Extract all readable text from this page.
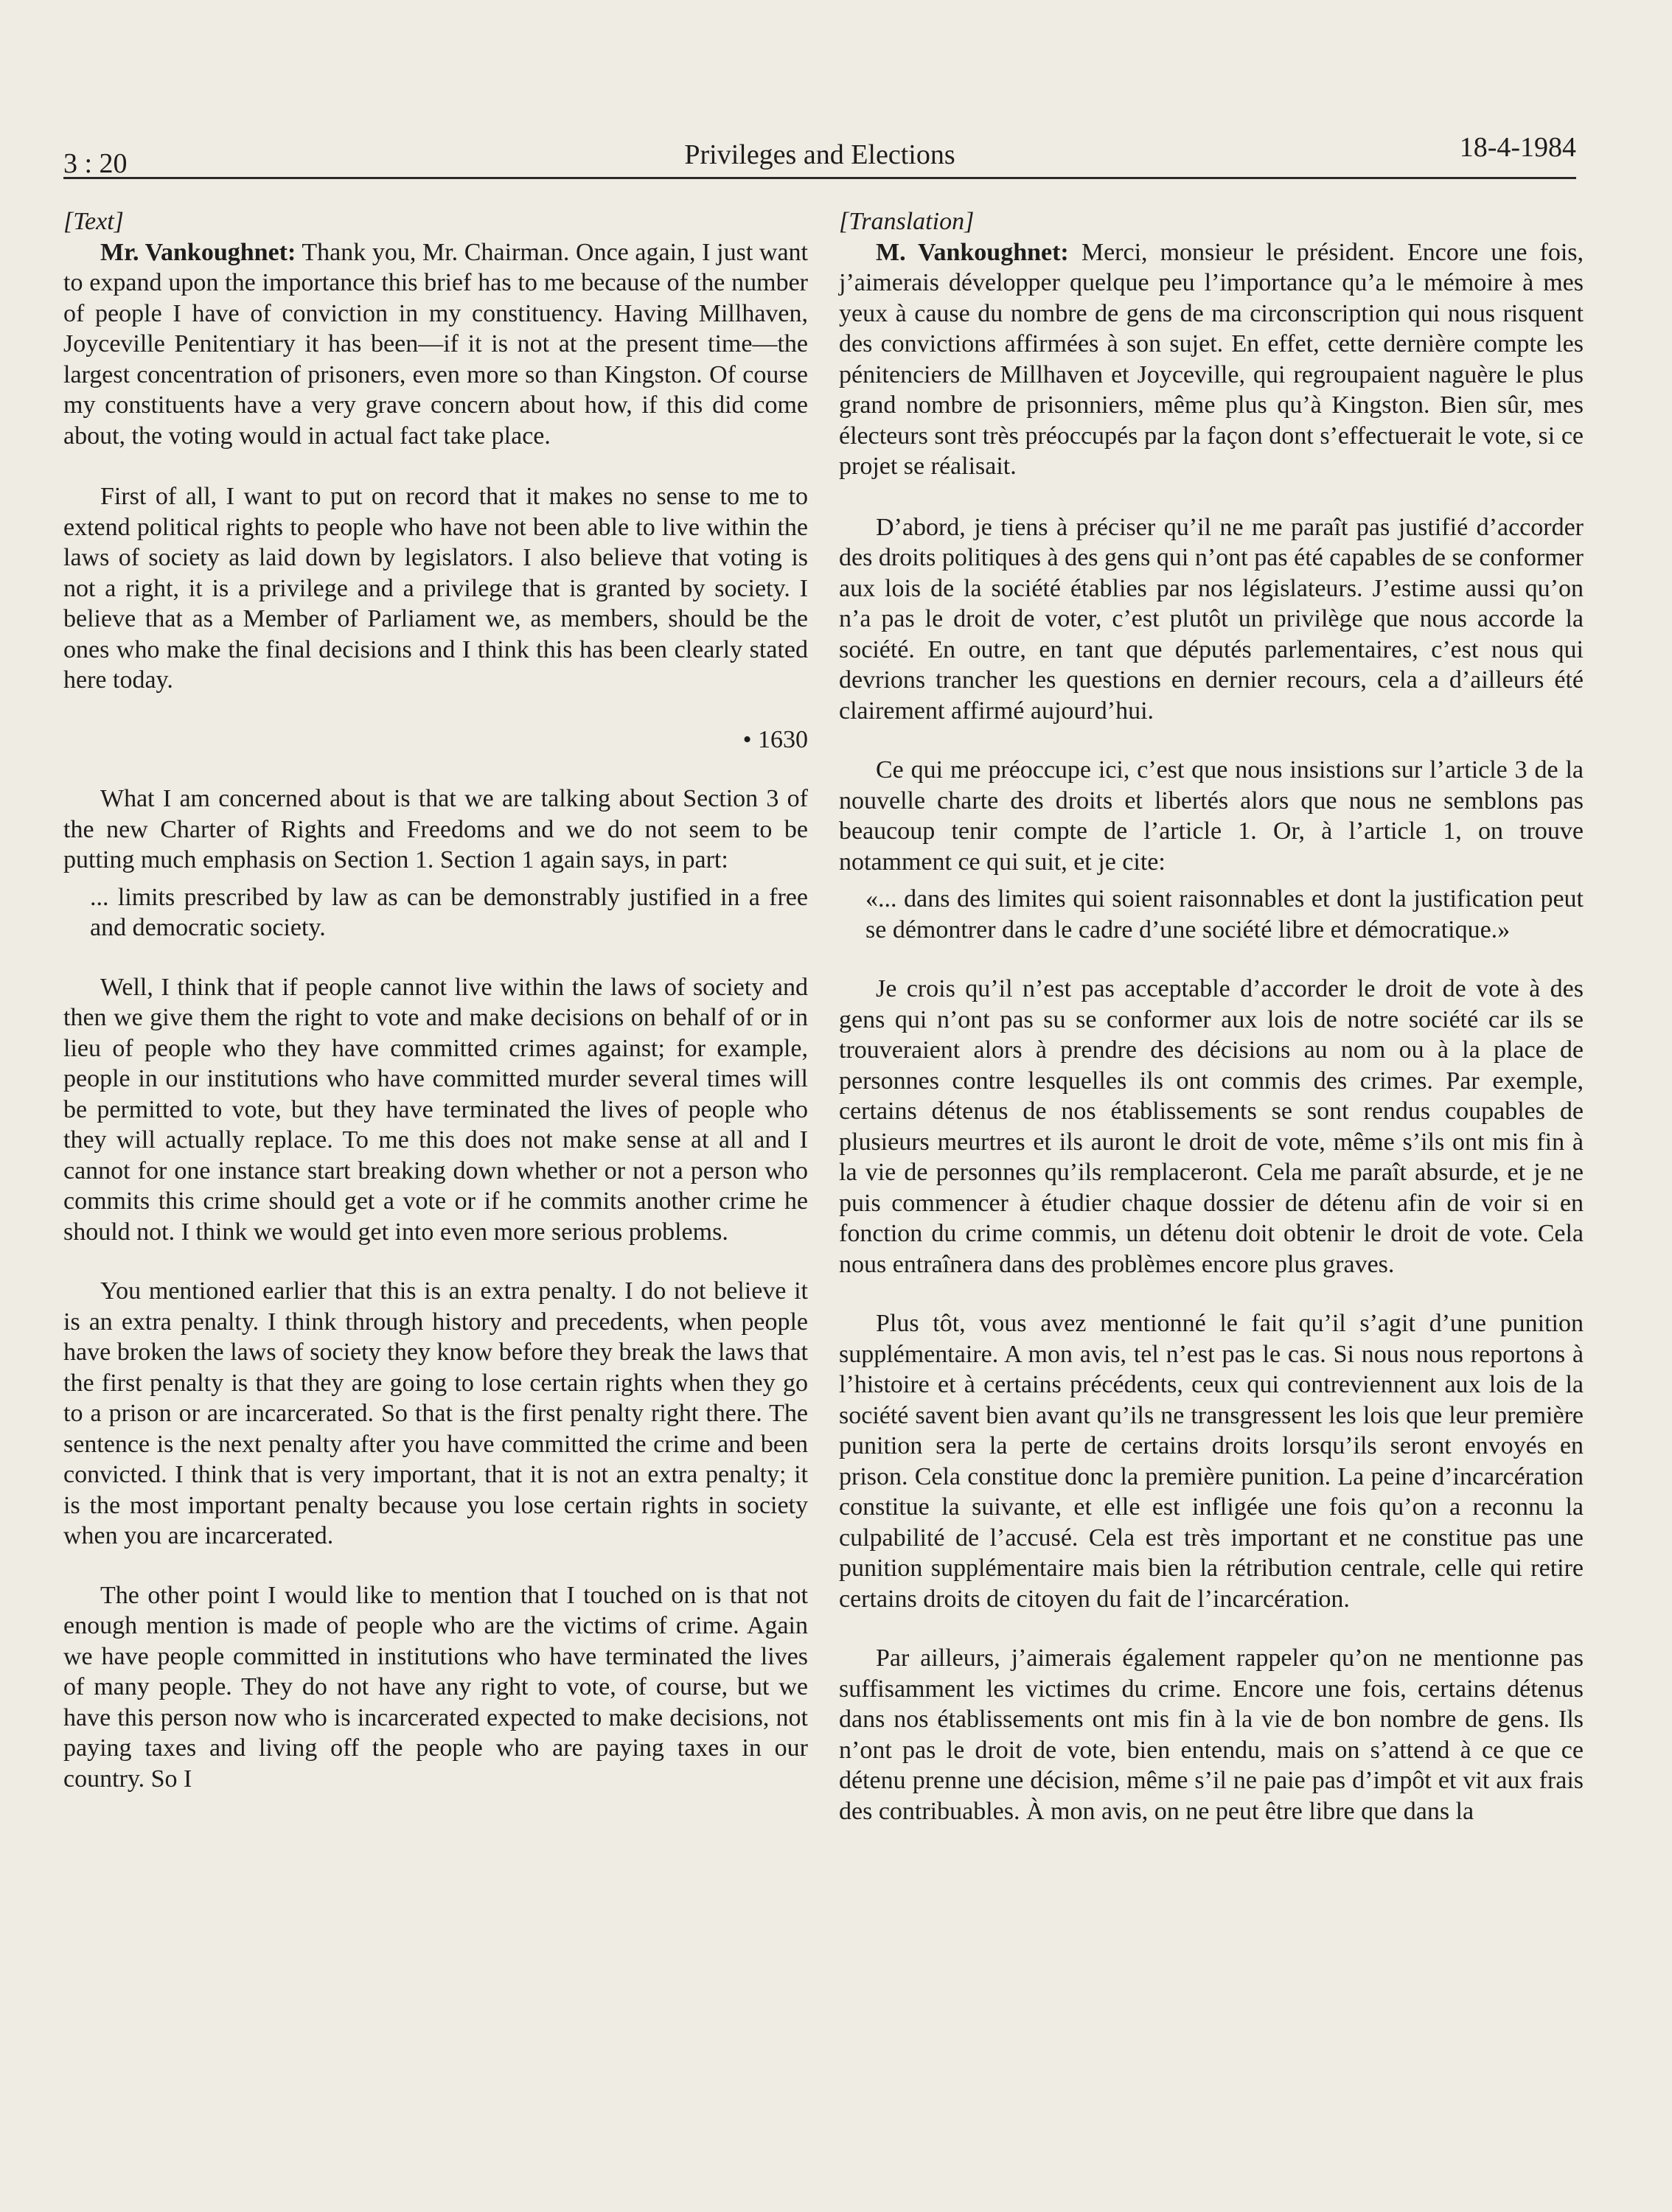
3 : 20	Privileges and Elections	18-4-1984

[Text]

Mr. Vankoughnet: Thank you, Mr. Chairman. Once again, I just want to expand upon the importance this brief has to me because of the number of people I have of conviction in my constituency. Having Millhaven, Joyceville Penitentiary it has been—if it is not at the present time—the largest concentration of prisoners, even more so than Kingston. Of course my constituents have a very grave concern about how, if this did come about, the voting would in actual fact take place.

First of all, I want to put on record that it makes no sense to me to extend political rights to people who have not been able to live within the laws of society as laid down by legislators. I also believe that voting is not a right, it is a privilege and a privilege that is granted by society. I believe that as a Member of Parliament we, as members, should be the ones who make the final decisions and I think this has been clearly stated here today.

• 1630

What I am concerned about is that we are talking about Section 3 of the new Charter of Rights and Freedoms and we do not seem to be putting much emphasis on Section 1. Section 1 again says, in part:

... limits prescribed by law as can be demonstrably justified in a free and democratic society.

Well, I think that if people cannot live within the laws of society and then we give them the right to vote and make decisions on behalf of or in lieu of people who they have committed crimes against; for example, people in our institutions who have committed murder several times will be permitted to vote, but they have terminated the lives of people who they will actually replace. To me this does not make sense at all and I cannot for one instance start breaking down whether or not a person who commits this crime should get a vote or if he commits another crime he should not. I think we would get into even more serious problems.

You mentioned earlier that this is an extra penalty. I do not believe it is an extra penalty. I think through history and precedents, when people have broken the laws of society they know before they break the laws that the first penalty is that they are going to lose certain rights when they go to a prison or are incarcerated. So that is the first penalty right there. The sentence is the next penalty after you have committed the crime and been convicted. I think that is very important, that it is not an extra penalty; it is the most important penalty because you lose certain rights in society when you are incarcerated.

The other point I would like to mention that I touched on is that not enough mention is made of people who are the victims of crime. Again we have people committed in institutions who have terminated the lives of many people. They do not have any right to vote, of course, but we have this person now who is incarcerated expected to make decisions, not paying taxes and living off the people who are paying taxes in our country. So I

[Translation]

M. Vankoughnet: Merci, monsieur le président. Encore une fois, j’aimerais développer quelque peu l’importance qu’a le mémoire à mes yeux à cause du nombre de gens de ma circonscription qui nous risquent des convictions affirmées à son sujet. En effet, cette dernière compte les pénitenciers de Millhaven et Joyceville, qui regroupaient naguère le plus grand nombre de prisonniers, même plus qu’à Kingston. Bien sûr, mes électeurs sont très préoccupés par la façon dont s’effectuerait le vote, si ce projet se réalisait.

D’abord, je tiens à préciser qu’il ne me paraît pas justifié d’accorder des droits politiques à des gens qui n’ont pas été capables de se conformer aux lois de la société établies par nos législateurs. J’estime aussi qu’on n’a pas le droit de voter, c’est plutôt un privilège que nous accorde la société. En outre, en tant que députés parlementaires, c’est nous qui devrions trancher les questions en dernier recours, cela a d’ailleurs été clairement affirmé aujourd’hui.

Ce qui me préoccupe ici, c’est que nous insistions sur l’article 3 de la nouvelle charte des droits et libertés alors que nous ne semblons pas beaucoup tenir compte de l’article 1. Or, à l’article 1, on trouve notamment ce qui suit, et je cite:

«... dans des limites qui soient raisonnables et dont la justification peut se démontrer dans le cadre d’une société libre et démocratique.»

Je crois qu’il n’est pas acceptable d’accorder le droit de vote à des gens qui n’ont pas su se conformer aux lois de notre société car ils se trouveraient alors à prendre des décisions au nom ou à la place de personnes contre lesquelles ils ont commis des crimes. Par exemple, certains détenus de nos établissements se sont rendus coupables de plusieurs meurtres et ils auront le droit de vote, même s’ils ont mis fin à la vie de personnes qu’ils remplaceront. Cela me paraît absurde, et je ne puis commencer à étudier chaque dossier de détenu afin de voir si en fonction du crime commis, un détenu doit obtenir le droit de vote. Cela nous entraînera dans des problèmes encore plus graves.

Plus tôt, vous avez mentionné le fait qu’il s’agit d’une punition supplémentaire. A mon avis, tel n’est pas le cas. Si nous nous reportons à l’histoire et à certains précédents, ceux qui contreviennent aux lois de la société savent bien avant qu’ils ne transgressent les lois que leur première punition sera la perte de certains droits lorsqu’ils seront envoyés en prison. Cela constitue donc la première punition. La peine d’incarcération constitue la suivante, et elle est infligée une fois qu’on a reconnu la culpabilité de l’accusé. Cela est très important et ne constitue pas une punition supplémentaire mais bien la rétribution centrale, celle qui retire certains droits de citoyen du fait de l’incarcération.

Par ailleurs, j’aimerais également rappeler qu’on ne mentionne pas suffisamment les victimes du crime. Encore une fois, certains détenus dans nos établissements ont mis fin à la vie de bon nombre de gens. Ils n’ont pas le droit de vote, bien entendu, mais on s’attend à ce que ce détenu prenne une décision, même s’il ne paie pas d’impôt et vit aux frais des contribuables. À mon avis, on ne peut être libre que dans la
